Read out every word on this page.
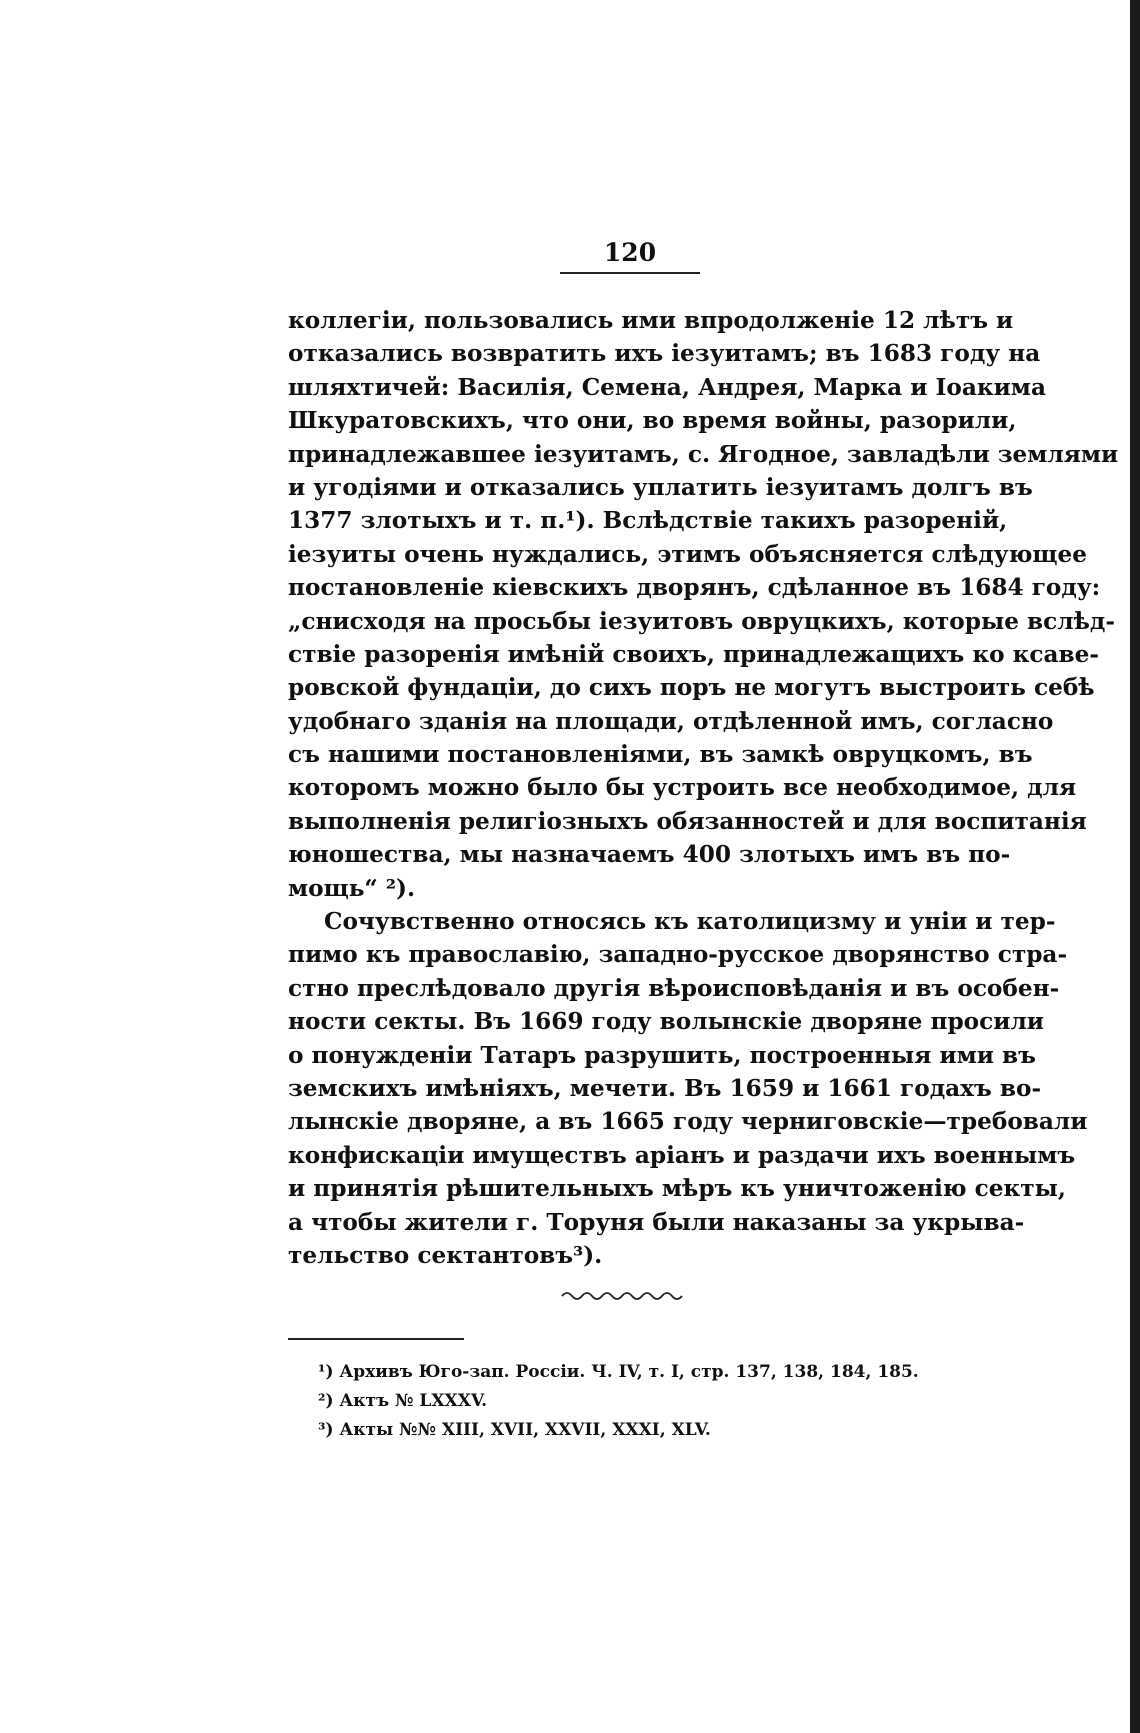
120
коллегіи, пользовались ими впродолженіе 12 лѣтъ и
отказались возвратить ихъ іезуитамъ; въ 1683 году на
шляхтичей: Василія, Семена, Андрея, Марка и Іоакима
Шкуратовскихъ, что они, во время войны, разорили,
принадлежавшее іезуитамъ, с. Ягодное, завладѣли землями
и угодіями и отказались уплатить іезуитамъ долгъ въ
1377 злотыхъ и т. п.¹). Вслѣдствіе такихъ разореній,
іезуиты очень нуждались, этимъ объясняется слѣдующее
постановленіе кіевскихъ дворянъ, сдѣланное въ 1684 году:
„снисходя на просьбы іезуитовъ овруцкихъ, которые вслѣд-
ствіе разоренія имѣній своихъ, принадлежащихъ ко ксаве-
ровской фундаціи, до сихъ поръ не могутъ выстроить себѣ
удобнаго зданія на площади, отдѣленной имъ, согласно
съ нашими постановленіями, въ замкѣ овруцкомъ, въ
которомъ можно было бы устроить все необходимое, для
выполненія религіозныхъ обязанностей и для воспитанія
юношества, мы назначаемъ 400 злотыхъ имъ въ по-
мощь“ ²).
Сочувственно относясь къ католицизму и уніи и тер-
пимо къ православію, западно-русское дворянство стра-
стно преслѣдовало другія вѣроисповѣданія и въ особен-
ности секты. Въ 1669 году волынскіе дворяне просили
о понужденіи Татаръ разрушить, построенныя ими въ
земскихъ имѣніяхъ, мечети. Въ 1659 и 1661 годахъ во-
лынскіе дворяне, а въ 1665 году черниговскіе—требовали
конфискаціи имуществъ аріанъ и раздачи ихъ военнымъ
и принятія рѣшительныхъ мѣръ къ уничтоженію секты,
а чтобы жители г. Торуня были наказаны за укрыва-
тельство сектантовъ³).
¹) Архивъ Юго-зап. Россіи. Ч. IV, т. I, стр. 137, 138, 184, 185.
²) Актъ № LXXXV.
³) Акты №№ XIII, XVII, XXVII, XXXI, XLV.
